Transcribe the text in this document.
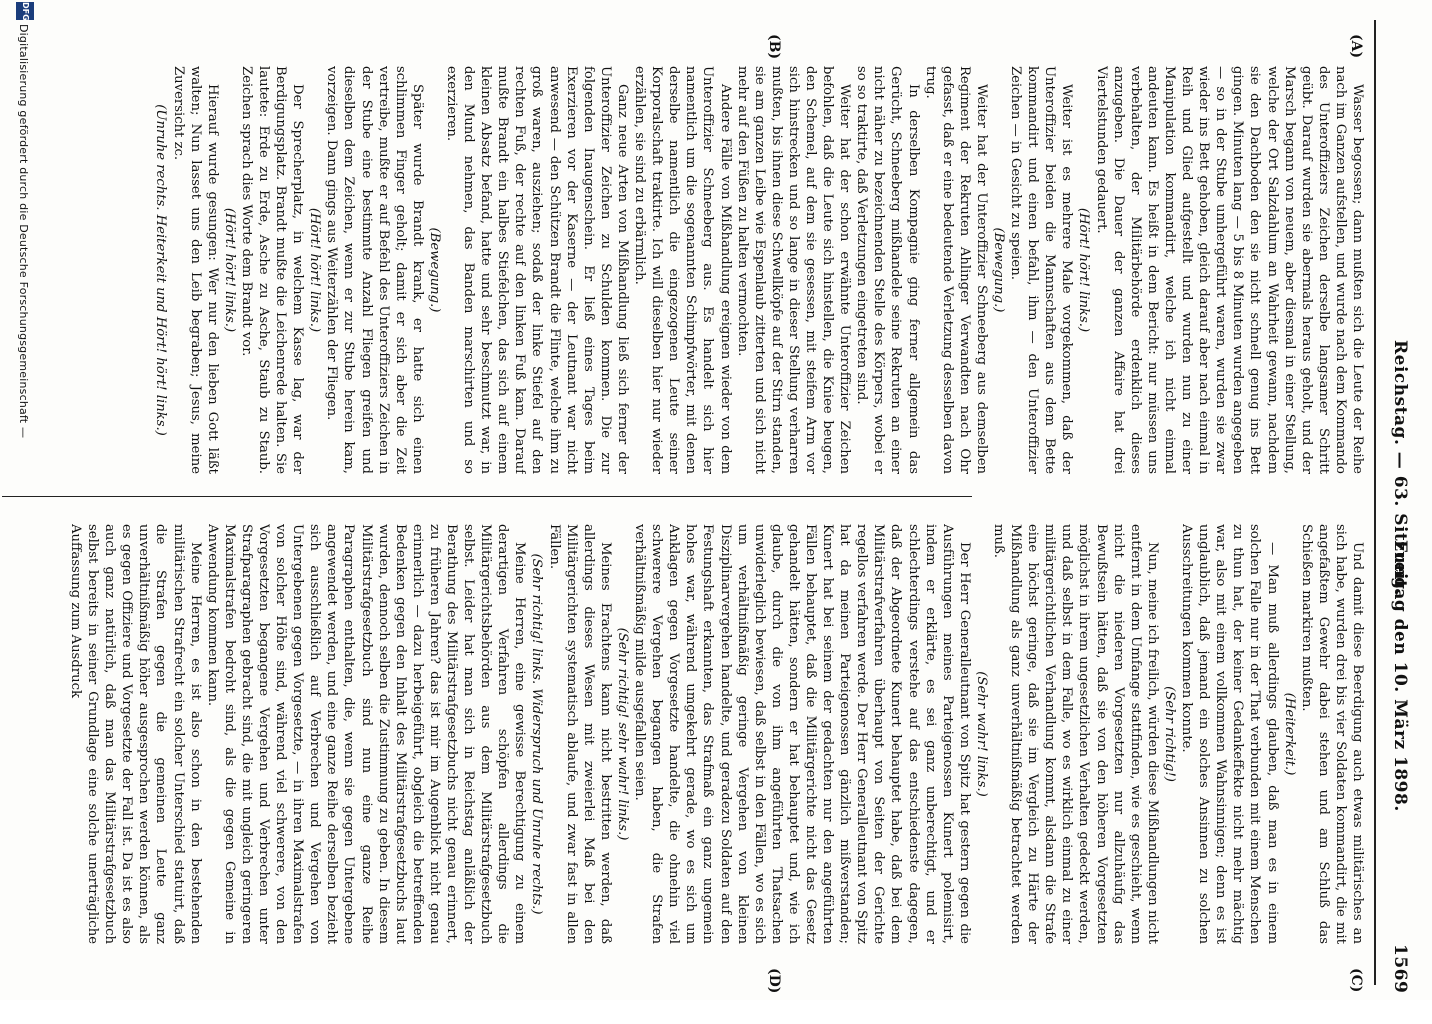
Reichstag. — 63. Sitzung.
Freitag den 10. März 1898.
1569
(A)
(B)
(C)
(D)

Wasser begossen; dann mußten sich die Leute der Reihe nach im Ganzen aufstellen, und wurde nach dem Kommando des Unteroffiziers Zeichen derselbe langsamer Schritt geübt. Darauf wurden sie abermals heraus geholt, und der Marsch begann von neuem, aber diesmal in einer Stellung, welche der Ort Salzdahlum an Wahrheit gewann, nachdem sie den Dachboden den sie nicht schnell genug ins Bett gingen. Minuten lang — 5 bis 8 Minuten wurden angegeben — so in der Stube umhergeführt waren, wurden sie zwar wieder ins Bett gehoben, gleich darauf aber nach einmal in Reih und Glied aufgestellt und wurden nun zu einer Manipulation kommandirt, welche ich nicht einmal andeuten kann. Es heißt in dem Bericht: nur müssen uns verbehalten, der Militärbehörde erdenklich dieses anzugeben. Die Dauer der ganzen Affaire hat drei Viertelstunden gedauert.

(Hört! hört! links.)

Weiter ist es mehrere Male vorgekommen, daß der Unteroffizier beiden die Mannschaften aus dem Bette kommandirt und einen befahl, ihm — den Unteroffizier Zeichen — in Gesicht zu speien.

(Bewegung.)

Weiter hat der Unteroffizier Schneeberg aus demselben Regiment der Rekruten Ahlinger Verwandten nach Ohr gefasst, daß er eine bedeutende Verletzung desselben davon trug.

In derselben Kompagnie ging ferner allgemein das Gerücht, Schneeberg mißhandele seine Rekruten an einer nicht näher zu bezeichnenden Stelle des Körpers, wobei er so so traktirte, daß Verletzungen eingetreten sind.

Weiter hat der schon erwähnte Unteroffizier Zeichen befohlen, daß die Leute sich hinstellen, die Kniee beugen, den Schemel, auf dem sie gesessen, mit steifem Arm vor sich hinstrecken und so lange in dieser Stellung verharren mußten, bis ihnen diese Schwellköpfe auf der Stirn standen, sie am ganzen Leibe wie Espenlaub zitterten und sich nicht mehr auf den Füßen zu halten vermochten.

Andere Fälle von Mißhandlung ereignen wieder von dem Unteroffizier Schneeberg aus. Es handelt sich hier namentlich um die sogenannten Schimpfwörter, mit denen derselbe namentlich die eingezogenen Leute seiner Korporalschaft traktirte. Ich will dieselben hier nur wieder erzählen, sie sind zu erbärmlich.

Ganz neue Arten von Mißhandlung ließ sich ferner der Unteroffizier Zeichen zu Schulden kommen. Die zur folgenden Inaugenschein. Er ließ eines Tages beim Exerzieren vor der Kaserne — der Leutnant war nicht anwesend — den Schützen Brandt die Flinte, welche ihm zu groß waren, ausziehen; sodaß der linke Stiefel auf den rechten Fuß, der rechte auf den linken Fuß kam. Darauf mußte Brandt ein halbes Stiefelchen, das sich auf einem kleinen Absatz befand, hatte und sehr beschmutzt war, in den Mund nehmen, das Banden marschirten und so exerzieren.

(Bewegung.)

Später wurde Brandt krank, er hatte sich einen schlimmen Finger geholt; damit er sich aber die Zeit vertreibe, mußte er auf Befehl des Unteroffiziers Zeichen in der Stube eine bestimmte Anzahl Fliegen greifen und dieselben dem Zeichen, wenn er zur Stube herein kam, vorzeigen. Dann gings aus Weiterzählen der Fliegen.

(Hört! hört! links.)

Der Sprecherplatz, in welchem Kasse lag, war der Berdigungsplatz. Brandt mußte die Leichenrede halten. Sie lautete: Erde zu Erde, Asche zu Asche, Staub zu Staub. Zeichen sprach dies Worte dem Brandt vor.

(Hört! hört! links.)

Hierauf wurde gesungen: Wer nur den lieben Gott läßt walten; Nun lasset uns den Leib begraben; Jesus, meine Zuversicht zc.

(Unruhe rechts. Heiterkeit und Hört! hört! links.)

Und damit diese Beerdigung auch etwas militärisches an sich habe, wurden drei bis vier Soldaten kommandirt, die mit angefaßtem Gewehr dabei stehen und am Schluß das Schießen markiren mußten.

(Heiterkeit.)

— Man muß allerdings glauben, daß man es in einem solchen Falle nur in der That verbunden mit einem Menschen zu thun hat, der keiner Gedankeffekte nicht mehr mächtig war, also mit einem vollkommen Wahnsinnigen; denn es ist unglaublich, daß jemand ein solches Ansinnen zu solchen Ausschreitungen kommen konnte.

(Sehr richtig!)

Nun, meine ich freilich, würden diese Mißhandlungen nicht entfernt in dem Umfange stattfinden, wie es geschieht, wenn nicht die niederen Vorgesetzten nur allzuhäufig das Bewußtsein hätten, daß sie von den höheren Vorgesetzten möglichst in ihrem ungesetzlichen Verhalten gedeckt werden, und daß selbst in dem Falle, wo es wirklich einmal zu einer militärgerichtlichen Verhandlung kommt, alsdann die Strafe eine höchst geringe, daß sie im Vergleich zu Härte der Mißhandlung als ganz unverhältnißmäßig betrachtet werden muß.

(Sehr wahr! links.)

Der Herr Generalleutnant von Spitz hat gestern gegen die Ausführungen meines Parteigenossen Kunert polemisirt, indem er erklärte, es sei ganz unberechtigt, und er schlechterdings verstehe auf das entschiedenste dagegen, daß der Abgeordnete Kunert behauptet habe, daß bei dem Militärstrafverfahren überhaupt von Seiten der Gerichte regellos verfahren werde. Der Herr Generalleutnant von Spitz hat da meinen Parteigenossen gänzlich mißverstanden; Kunert hat bei seinem der gedachten nur den angeführten Fällen behauptet, daß die Militärgerichte nicht das Gesetz gehandelt hätten, sondern er hat behauptet und, wie ich glaube, durch die von ihm angeführten Thatsachen unwiderleglich bewiesen, daß selbst in den Fällen, wo es sich um verhältnißmäßig geringe Vergehen von kleinen Disziplinarvergehen handelte, und geradezu Soldaten auf den Festungshaft erkannten, das Strafmaß ein ganz ungemein hohes war, während umgekehrt gerade, wo es sich um Anklagen gegen Vorgesetzte handelte, die ohnehin viel schwerere Vergehen begangen haben, die Strafen verhältnißmäßig milde ausgefallen seien.

(Sehr richtig! sehr wahr! links.)

Meines Erachtens kann nicht bestritten werden, daß allerdings dieses Wesen mit zweierlei Maß bei den Militärgerichten systematisch ablaufe, und zwar fast in allen Fällen.

(Sehr richtig! links. Widerspruch und Unruhe rechts.)

Meine Herren, eine gewisse Berechtigung zu einem derartigen Verfahren schöpfen allerdings die Militärgerichtsbehörden aus dem Militärstrafgesetzbuch selbst. Leider hat man sich in Reichstag anläßlich der Berathung des Militärstrafgesetzbuchs nicht genau erinnert, zu früheren Jahren? das ist mir im Augenblick nicht genau erinnerlich — dazu herbeigeführt, obgleich die betreffenden Bedenken gegen den Inhalt des Militärstrafgesetzbuchs laut wurden, dennoch selben die Zustimmung zu geben. In diesem Militärstrafgesetzbuch sind nun eine ganze Reihe Paragraphen enthalten, die, wenn sie gegen Untergebene angewendet werden, und eine ganze Reihe derselben bezieht sich ausschließlich auf Verbrechen und Vergehen von Untergebenen gegen Vorgesetzte, — in ihren Maximalstrafen von solcher Höhe sind, während viel schwerere, von den Vorgesetzten begangene Vergehen und Verbrechen unter Strafparagraphen gebracht sind, die mit ungleich geringeren Maximalstrafen bedroht sind, als die gegen Gemeine in Anwendung kommen kann.

Meine Herren, es ist also schon in den bestehenden militärischen Strafrecht ein solcher Unterschied statuirt, daß die Strafen gegen die gemeinen Leute ganz unverhältnißmäßig höher ausgesprochen werden können, als es gegen Offiziere und Vorgesetzte der Fall ist. Da ist es also auch ganz natürlich, daß man das Militärstrafgesetzbuch selbst bereits in seiner Grundlage eine solche unerträgliche Auffassung zum Ausdruck

DFG
Digitalisierung gefördert durch die Deutsche Forschungsgemeinschaft —
